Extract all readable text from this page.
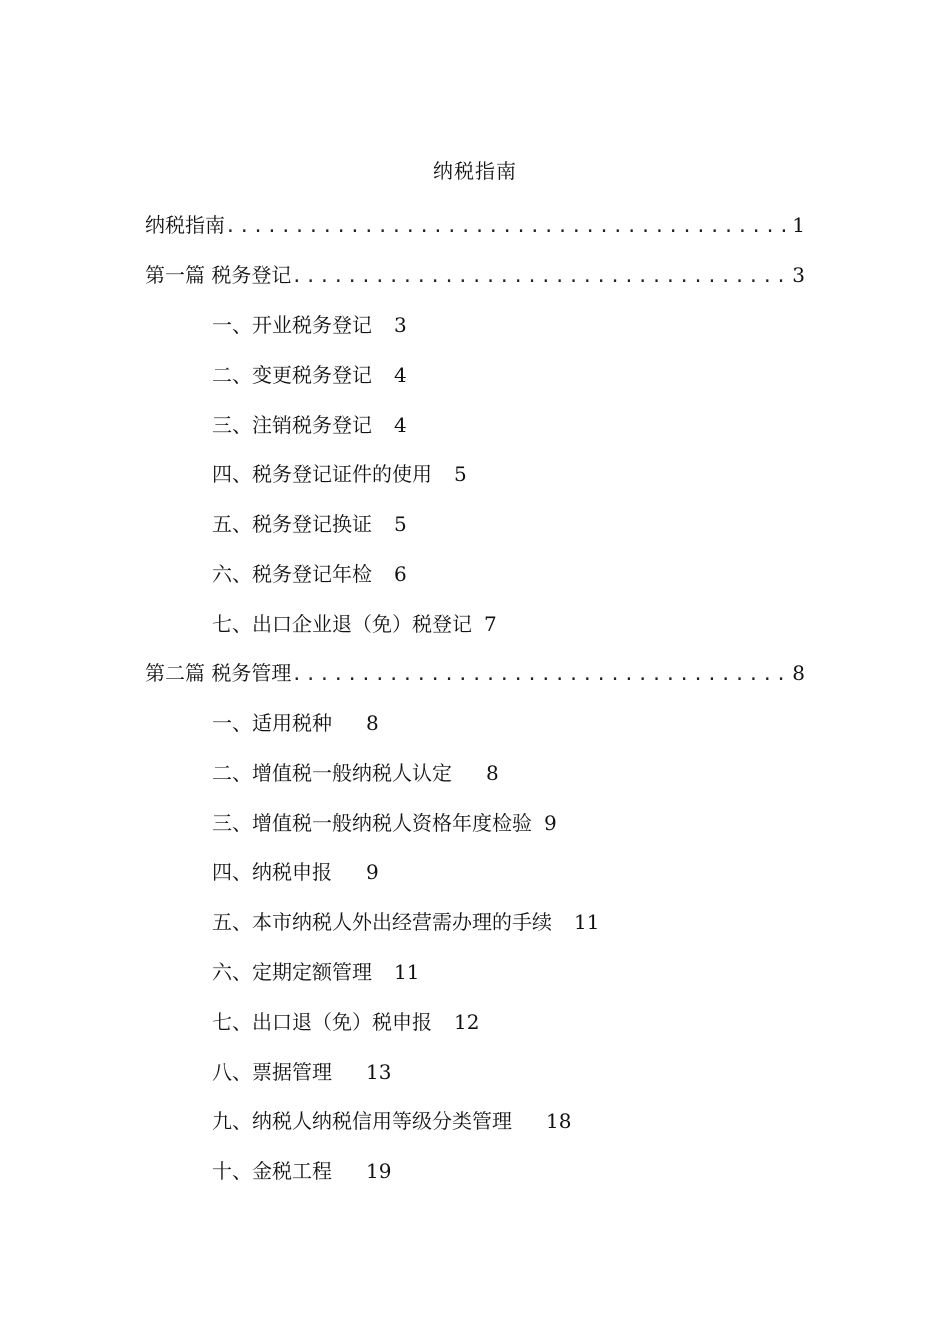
纳税指南
纳税指南 .....	1
第一篇 税务登记 .....	3
一、开业税务登记 3
二、变更税务登记 4
三、注销税务登记 4
四、税务登记证件的使用 5
五、税务登记换证 5
六、税务登记年检 6
七、出口企业退（免）税登记 7
第二篇 税务管理 .....	8
一、适用税种 8
二、增值税一般纳税人认定 8
三、增值税一般纳税人资格年度检验 9
四、纳税申报 9
五、本市纳税人外出经营需办理的手续 11
六、定期定额管理 11
七、出口退（免）税申报 12
八、票据管理 13
九、纳税人纳税信用等级分类管理 18
十、金税工程 19
